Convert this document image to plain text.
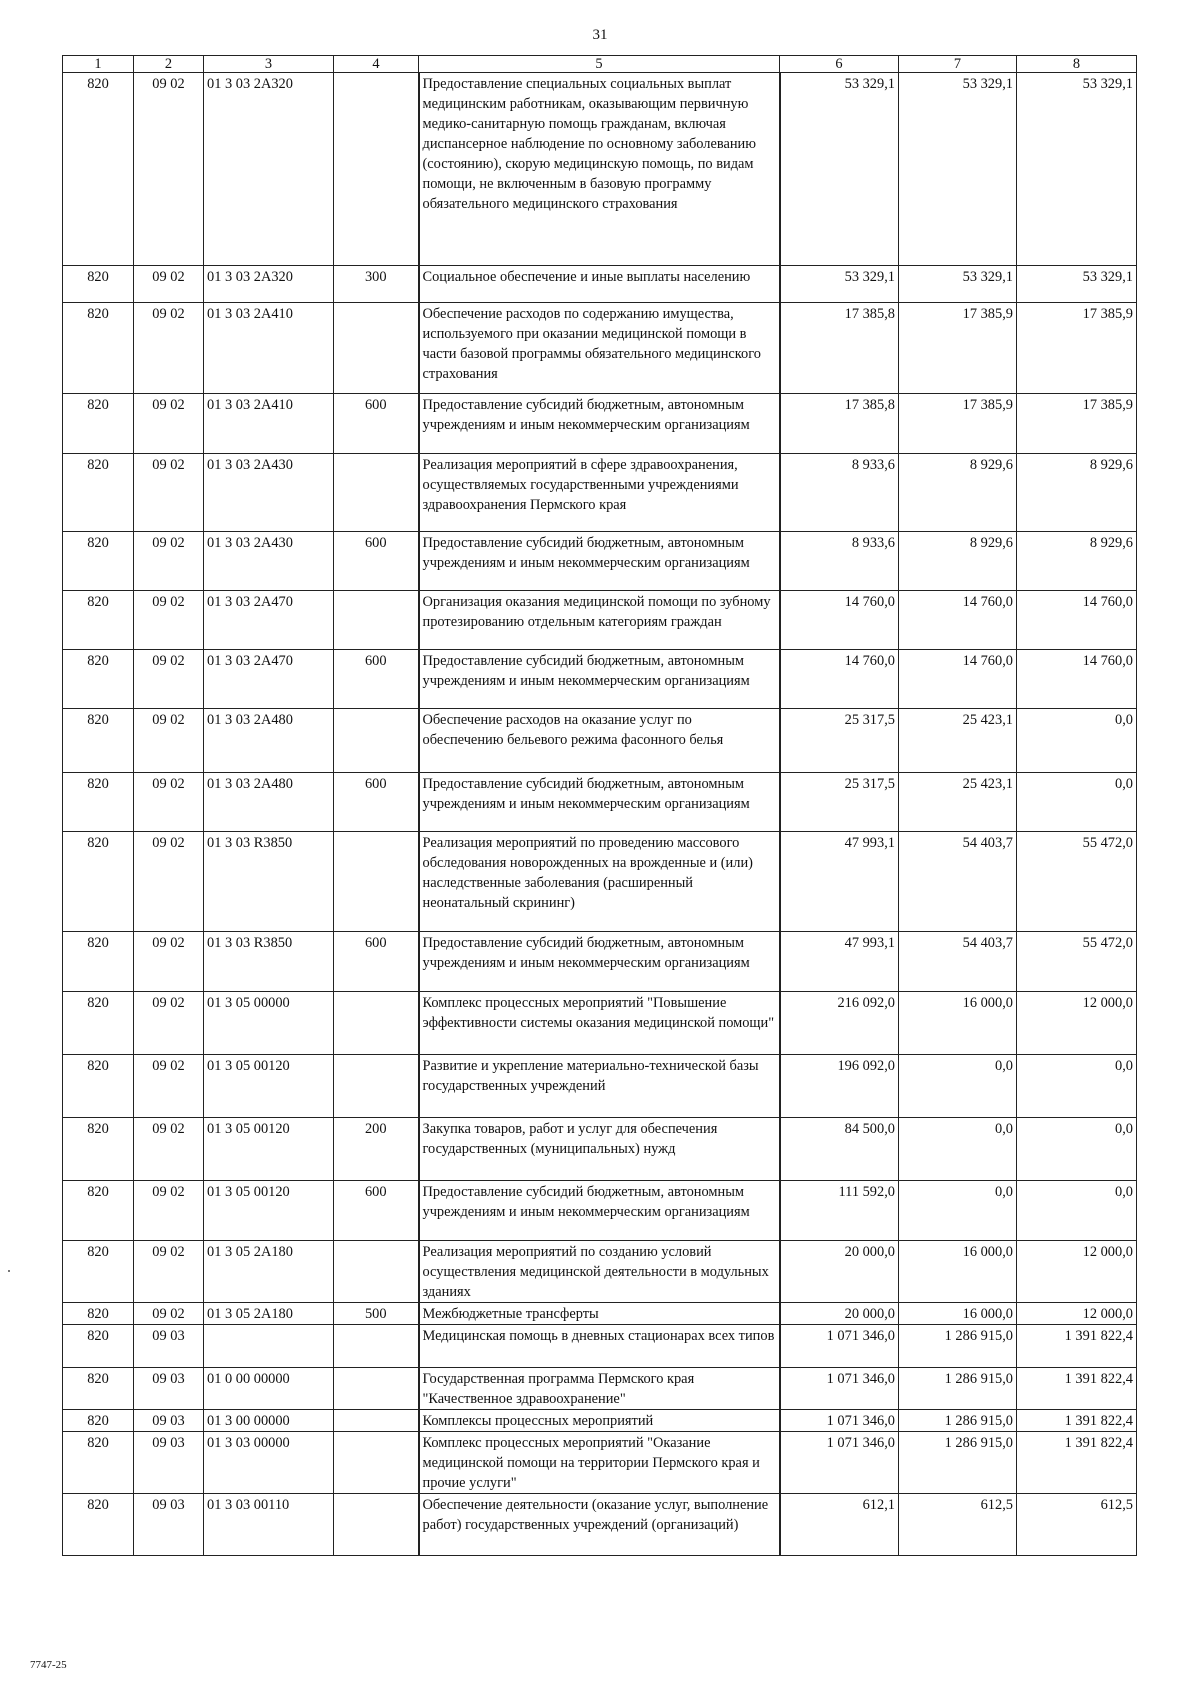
31
1	2	3	4	5	6	7	8
820	09 02	01 3 03 2A320		Предоставление специальных социальных выплат медицинским работникам, оказывающим первичную медико-санитарную помощь гражданам, включая диспансерное наблюдение по основному заболеванию (состоянию), скорую медицинскую помощь, по видам помощи, не включенным в базовую программу обязательного медицинского страхования	53 329,1	53 329,1	53 329,1
820	09 02	01 3 03 2A320	300	Социальное обеспечение и иные выплаты населению	53 329,1	53 329,1	53 329,1
820	09 02	01 3 03 2A410		Обеспечение расходов по содержанию имущества, используемого при оказании медицинской помощи в части базовой программы обязательного медицинского страхования	17 385,8	17 385,9	17 385,9
820	09 02	01 3 03 2A410	600	Предоставление субсидий бюджетным, автономным учреждениям и иным некоммерческим организациям	17 385,8	17 385,9	17 385,9
820	09 02	01 3 03 2A430		Реализация мероприятий в сфере здравоохранения, осуществляемых государственными учреждениями здравоохранения Пермского края	8 933,6	8 929,6	8 929,6
820	09 02	01 3 03 2A430	600	Предоставление субсидий бюджетным, автономным учреждениям и иным некоммерческим организациям	8 933,6	8 929,6	8 929,6
820	09 02	01 3 03 2A470		Организация оказания медицинской помощи по зубному протезированию отдельным категориям граждан	14 760,0	14 760,0	14 760,0
820	09 02	01 3 03 2A470	600	Предоставление субсидий бюджетным, автономным учреждениям и иным некоммерческим организациям	14 760,0	14 760,0	14 760,0
820	09 02	01 3 03 2A480		Обеспечение расходов на оказание услуг по обеспечению бельевого режима фасонного белья	25 317,5	25 423,1	0,0
820	09 02	01 3 03 2A480	600	Предоставление субсидий бюджетным, автономным учреждениям и иным некоммерческим организациям	25 317,5	25 423,1	0,0
820	09 02	01 3 03 R3850		Реализация мероприятий по проведению массового обследования новорожденных на врожденные и (или) наследственные заболевания (расширенный неонатальный скрининг)	47 993,1	54 403,7	55 472,0
820	09 02	01 3 03 R3850	600	Предоставление субсидий бюджетным, автономным учреждениям и иным некоммерческим организациям	47 993,1	54 403,7	55 472,0
820	09 02	01 3 05 00000		Комплекс процессных мероприятий "Повышение эффективности системы оказания медицинской помощи"	216 092,0	16 000,0	12 000,0
820	09 02	01 3 05 00120		Развитие и укрепление материально-технической базы государственных учреждений	196 092,0	0,0	0,0
820	09 02	01 3 05 00120	200	Закупка товаров, работ и услуг для обеспечения государственных (муниципальных) нужд	84 500,0	0,0	0,0
820	09 02	01 3 05 00120	600	Предоставление субсидий бюджетным, автономным учреждениям и иным некоммерческим организациям	111 592,0	0,0	0,0
820	09 02	01 3 05 2A180		Реализация мероприятий по созданию условий осуществления медицинской деятельности в модульных зданиях	20 000,0	16 000,0	12 000,0
820	09 02	01 3 05 2A180	500	Межбюджетные трансферты	20 000,0	16 000,0	12 000,0
820	09 03			Медицинская помощь в дневных стационарах всех типов	1 071 346,0	1 286 915,0	1 391 822,4
820	09 03	01 0 00 00000		Государственная программа Пермского края "Качественное здравоохранение"	1 071 346,0	1 286 915,0	1 391 822,4
820	09 03	01 3 00 00000		Комплексы процессных мероприятий	1 071 346,0	1 286 915,0	1 391 822,4
820	09 03	01 3 03 00000		Комплекс процессных мероприятий "Оказание медицинской помощи на территории Пермского края и прочие услуги"	1 071 346,0	1 286 915,0	1 391 822,4
820	09 03	01 3 03 00110		Обеспечение деятельности (оказание услуг, выполнение работ) государственных учреждений (организаций)	612,1	612,5	612,5
7747-25
